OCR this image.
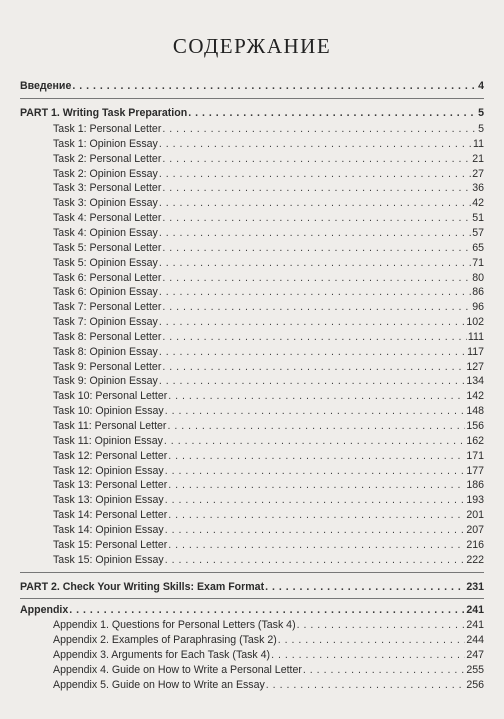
СОДЕРЖАНИЕ
Введение . . .	4
PART 1. Writing Task Preparation . . .	5
Task 1: Personal Letter . . .	5
Task 1: Opinion Essay . . .	11
Task 2: Personal Letter . . .	21
Task 2: Opinion Essay . . .	27
Task 3: Personal Letter . . .	36
Task 3: Opinion Essay . . .	42
Task 4: Personal Letter . . .	51
Task 4: Opinion Essay . . .	57
Task 5: Personal Letter . . .	65
Task 5: Opinion Essay . . .	71
Task 6: Personal Letter . . .	80
Task 6: Opinion Essay . . .	86
Task 7: Personal Letter . . .	96
Task 7: Opinion Essay . . .	102
Task 8: Personal Letter . . .	111
Task 8: Opinion Essay . . .	117
Task 9: Personal Letter . . .	127
Task 9: Opinion Essay . . .	134
Task 10: Personal Letter . . .	142
Task 10: Opinion Essay . . .	148
Task 11: Personal Letter . . .	156
Task 11: Opinion Essay . . .	162
Task 12: Personal Letter . . .	171
Task 12: Opinion Essay . . .	177
Task 13: Personal Letter . . .	186
Task 13: Opinion Essay . . .	193
Task 14: Personal Letter . . .	201
Task 14: Opinion Essay . . .	207
Task 15: Personal Letter . . .	216
Task 15: Opinion Essay . . .	222
PART 2. Check Your Writing Skills: Exam Format . . .	231
Appendix . . .	241
Appendix 1. Questions for Personal Letters (Task 4) . . .	241
Appendix 2. Examples of Paraphrasing (Task 2) . . .	244
Appendix 3. Arguments for Each Task (Task 4) . . .	247
Appendix 4. Guide on How to Write a Personal Letter . . .	255
Appendix 5. Guide on How to Write an Essay . . .	256
